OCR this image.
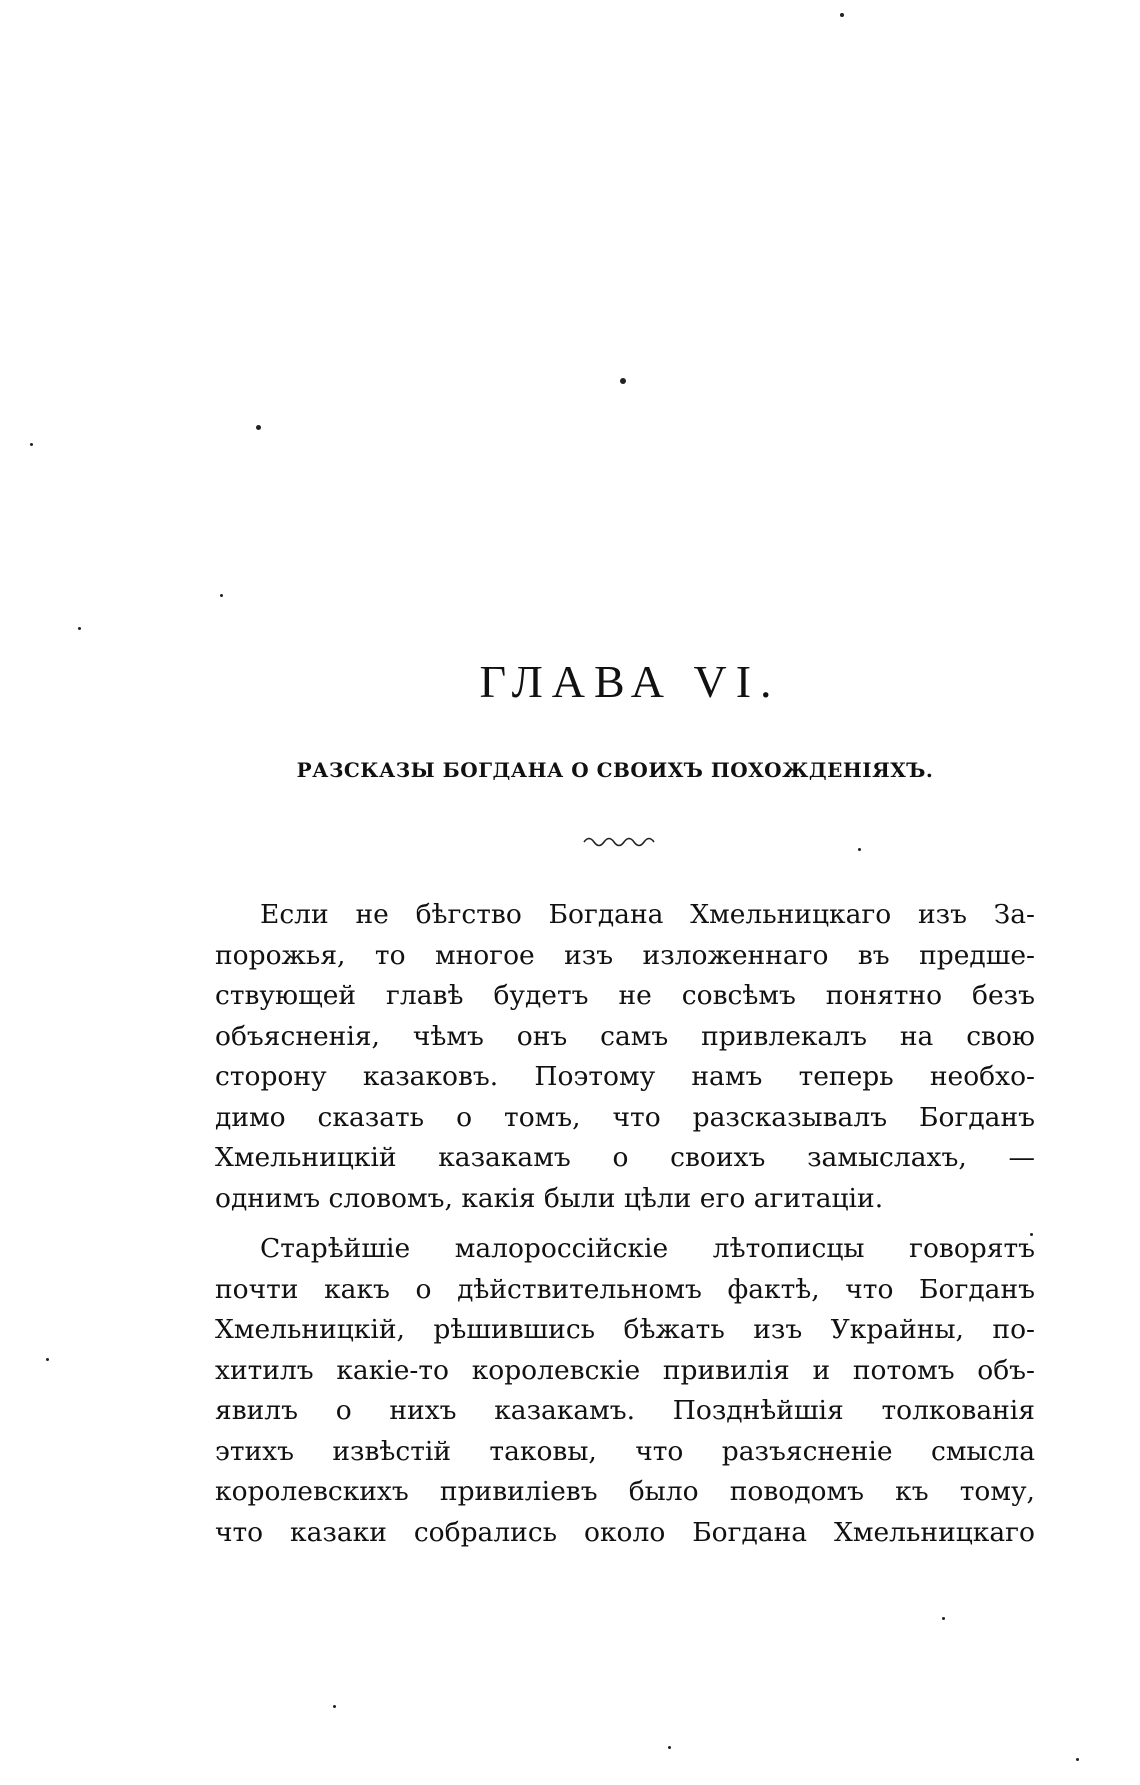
ГЛАВА VI.
РАЗСКАЗЫ БОГДАНА О СВОИХЪ ПОХОЖДЕНІЯХЪ.

Если не бѣгство Богдана Хмельницкаго изъ За-
порожья, то многое изъ изложеннаго въ предше-
ствующей главѣ будетъ не совсѣмъ понятно безъ
объясненія, чѣмъ онъ самъ привлекалъ на свою
сторону казаковъ. Поэтому намъ теперь необхо-
димо сказать о томъ, что разсказывалъ Богданъ
Хмельницкій казакамъ о своихъ замыслахъ, —
однимъ словомъ, какія были цѣли его агитаціи.

Старѣйшіе малороссійскіе лѣтописцы говорятъ
почти какъ о дѣйствительномъ фактѣ, что Богданъ
Хмельницкій, рѣшившись бѣжать изъ Украйны, по-
хитилъ какіе-то королевскіе привилія и потомъ объ-
явилъ о нихъ казакамъ. Позднѣйшія толкованія
этихъ извѣстій таковы, что разъясненіе смысла
королевскихъ привилiевъ было поводомъ къ тому,
что казаки собрались около Богдана Хмельницкаго
